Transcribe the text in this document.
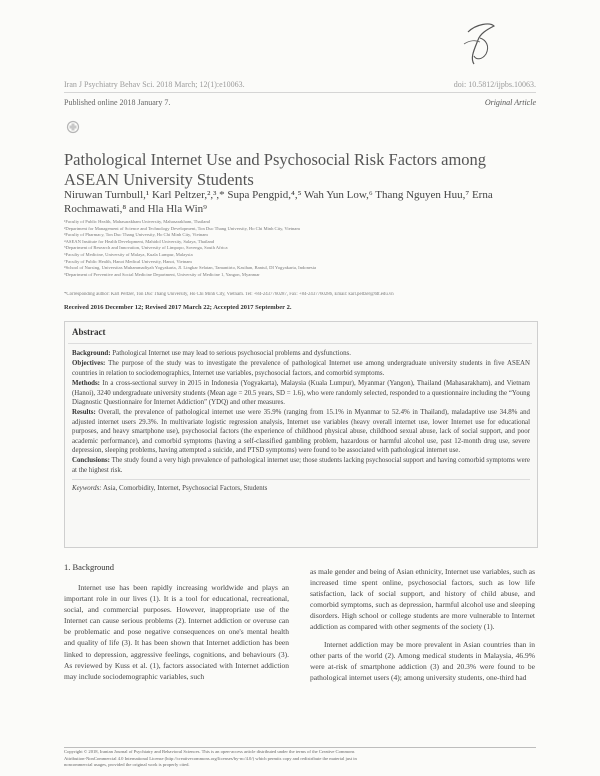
Iran J Psychiatry Behav Sci. 2018 March; 12(1):e10063.	doi: 10.5812/ijpbs.10063.
Published online 2018 January 7.	Original Article
Pathological Internet Use and Psychosocial Risk Factors among ASEAN University Students
Niruwan Turnbull,¹ Karl Peltzer,²,³,* Supa Pengpid,⁴,⁵ Wah Yun Low,⁶ Thang Nguyen Huu,⁷ Erna Rochmawati,⁸ and Hla Hla Win⁹
¹Faculty of Public Health, Mahasarakham University, Mahasarakham, Thailand
²Department for Management of Science and Technology Development, Ton Duc Thang University, Ho Chi Minh City, Vietnam
³Faculty of Pharmacy, Ton Duc Thang University, Ho Chi Minh City, Vietnam
⁴ASEAN Institute for Health Development, Mahidol University, Salaya, Thailand
⁵Department of Research and Innovation, University of Limpopo, Sovenga, South Africa
⁶Faculty of Medicine, University of Malaya, Kuala Lumpur, Malaysia
⁷Faculty of Public Health, Hanoi Medical University, Hanoi, Vietnam
⁸School of Nursing, Universitas Muhammadiyah Yogyakarta, Jl. Lingkar Selatan, Tamantirto, Kasihan, Bantul, DI Yogyakarta, Indonesia
⁹Department of Preventive and Social Medicine Department, University of Medicine 1, Yangon, Myanmar
*Corresponding author: Karl Peltzer, Ton Duc Thang University, Ho Chi Minh City, Vietnam. Tel: +84-2437760287, Fax: +84-2437760286, Email: karl.peltzer@tdt.edu.vn
Received 2016 December 12; Revised 2017 March 22; Accepted 2017 September 2.
Abstract

Background: Pathological Internet use may lead to serious psychosocial problems and dysfunctions.

Objectives: The purpose of the study was to investigate the prevalence of pathological Internet use among undergraduate university students in five ASEAN countries in relation to sociodemographics, Internet use variables, psychosocial factors, and comorbid symptoms.

Methods: In a cross-sectional survey in 2015 in Indonesia (Yogyakarta), Malaysia (Kuala Lumpur), Myanmar (Yangon), Thailand (Mahasarakham), and Vietnam (Hanoi), 3240 undergraduate university students (Mean age = 20.5 years, SD = 1.6), who were randomly selected, responded to a questionnaire including the “Young Diagnostic Questionnaire for Internet Addiction” (YDQ) and other measures.

Results: Overall, the prevalence of pathological internet use were 35.9% (ranging from 15.1% in Myanmar to 52.4% in Thailand), maladaptive use 34.8% and adjusted internet users 29.3%. In multivariate logistic regression analysis, Internet use variables (heavy overall internet use, lower Internet use for educational purposes, and heavy smartphone use), psychosocial factors (the experience of childhood physical abuse, childhood sexual abuse, lack of social support, and poor academic performance), and comorbid symptoms (having a self-classified gambling problem, hazardous or harmful alcohol use, past 12-month drug use, severe depression, sleeping problems, having attempted a suicide, and PTSD symptoms) were found to be associated with pathological internet use.

Conclusions: The study found a very high prevalence of pathological internet use; those students lacking psychosocial support and having comorbid symptoms were at the highest risk.

Keywords: Asia, Comorbidity, Internet, Psychosocial Factors, Students

1. Background

Internet use has been rapidly increasing worldwide and plays an important role in our lives (1). It is a tool for educational, recreational, social, and commercial purposes. However, inappropriate use of the Internet can cause serious problems (2). Internet addiction or overuse can be problematic and pose negative consequences on one's mental health and quality of life (3). It has been shown that Internet addiction has been linked to depression, aggressive feelings, cognitions, and behaviours (3). As reviewed by Kuss et al. (1), factors associated with Internet addiction may include sociodemographic variables, such

as male gender and being of Asian ethnicity, Internet use variables, such as increased time spent online, psychosocial factors, such as low life satisfaction, lack of social support, and history of child abuse, and comorbid symptoms, such as depression, harmful alcohol use and sleeping disorders. High school or college students are more vulnerable to Internet addiction as compared with other segments of the society (1).

Internet addiction may be more prevalent in Asian countries than in other parts of the world (2). Among medical students in Malaysia, 46.9% were at-risk of smartphone addiction (3) and 20.3% were found to be pathological internet users (4); among university students, one-third had

Copyright © 2018, Iranian Journal of Psychiatry and Behavioral Sciences. This is an open-access article distributed under the terms of the Creative Commons
Attribution-NonCommercial 4.0 International License (http://creativecommons.org/licenses/by-nc/4.0/) which permits copy and redistribute the material just in
noncommercial usages, provided the original work is properly cited.
